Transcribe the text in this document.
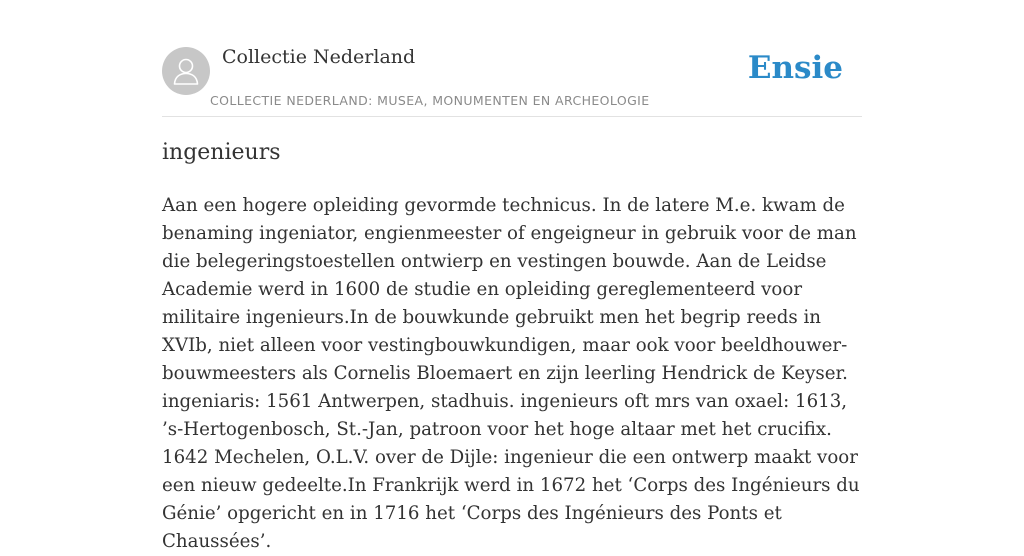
Collectie Nederland
COLLECTIE NEDERLAND: MUSEA, MONUMENTEN EN ARCHEOLOGIE
Ensie
ingenieurs

Aan een hogere opleiding gevormde technicus. In de latere M.e. kwam de benaming ingeniator, engienmeester of engeigneur in gebruik voor de man die belegeringstoestellen ontwierp en vestingen bouwde. Aan de Leidse Academie werd in 1600 de studie en opleiding gereglementeerd voor militaire ingenieurs.In de bouwkunde gebruikt men het begrip reeds in XVIb, niet alleen voor vestingbouwkundigen, maar ook voor beeldhouwer-bouwmeesters als Cornelis Bloemaert en zijn leerling Hendrick de Keyser. ingeniaris: 1561 Antwerpen, stadhuis. ingenieurs oft mrs van oxael: 1613, ’s-Hertogenbosch, St.-Jan, patroon voor het hoge altaar met het crucifix. 1642 Mechelen, O.L.V. over de Dijle: ingenieur die een ontwerp maakt voor een nieuw gedeelte.In Frankrijk werd in 1672 het ‘Corps des Ingénieurs du Génie’ opgericht en in 1716 het ‘Corps des Ingénieurs des Ponts et Chaussées’.
